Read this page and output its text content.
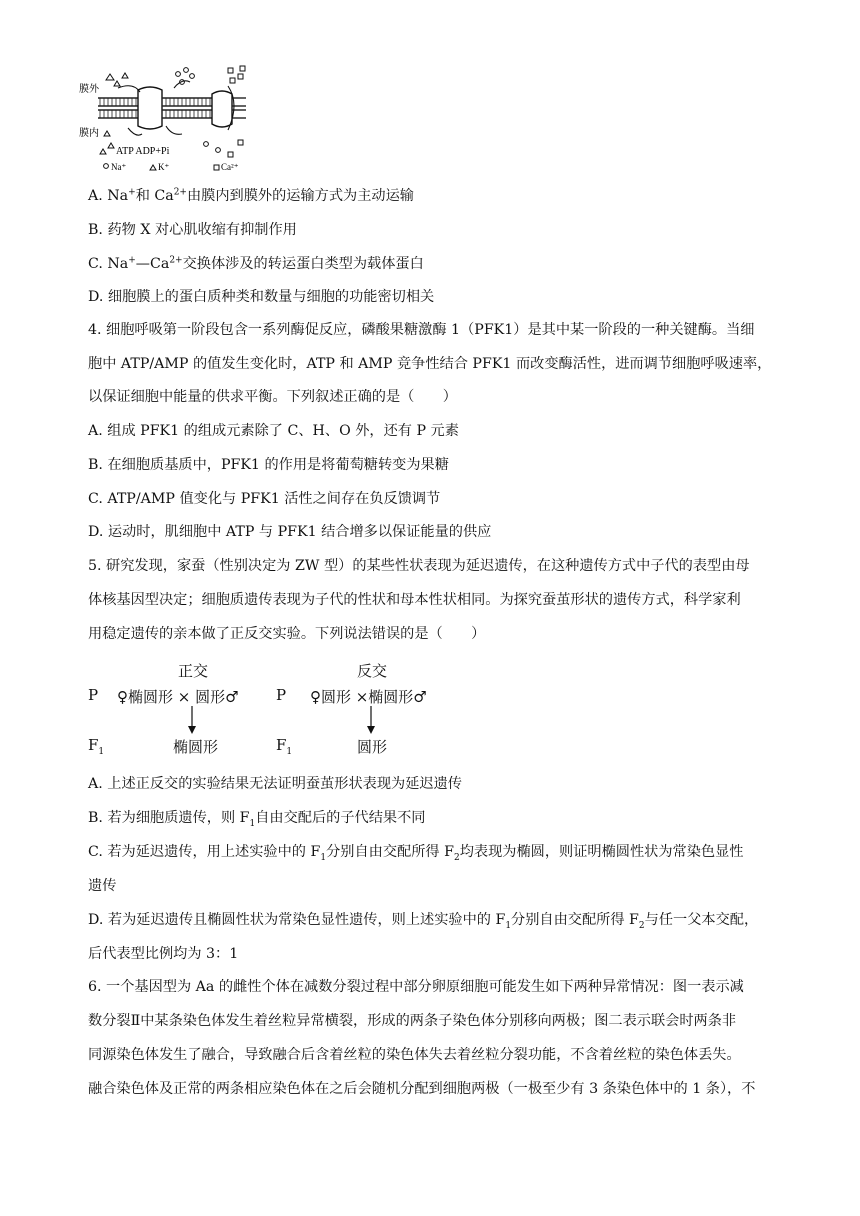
膜外
膜内
ATP ADP+Pi
Na⁺	K⁺	Ca²⁺
A. Na+和 $Ca^{2+}$由膜内到膜外的运输方式为主动运输
B. 药物 X 对心肌收缩有抑制作用
C. $Na^+—Ca^{2+}$交换体涉及的转运蛋白类型为载体蛋白
D. 细胞膜上的蛋白质种类和数量与细胞的功能密切相关
4. 细胞呼吸第一阶段包含一系列酶促反应，磷酸果糖激酶 1（PFK1）是其中某一阶段的一种关键酶。当细
胞中 ATP/AMP 的值发生变化时，ATP 和 AMP 竞争性结合 PFK1 而改变酶活性，进而调节细胞呼吸速率，
以保证细胞中能量的供求平衡。下列叙述正确的是（　　）
A. 组成 PFK1 的组成元素除了 C、H、O 外，还有 P 元素
B. 在细胞质基质中，PFK1 的作用是将葡萄糖转变为果糖
C. ATP/AMP 值变化与 PFK1 活性之间存在负反馈调节
D. 运动时，肌细胞中 ATP 与 PFK1 结合增多以保证能量的供应
5. 研究发现，家蚕（性别决定为 ZW 型）的某些性状表现为延迟遗传，在这种遗传方式中子代的表型由母
体核基因型决定；细胞质遗传表现为子代的性状和母本性状相同。为探究蚕茧形状的遗传方式，科学家利
用稳定遗传的亲本做了正反交实验。下列说法错误的是（　　）
正交	反交
P ♀椭圆形 × 圆形♂ P ♀圆形 ×椭圆形♂
$F_1$	椭圆形	$F_1$	圆形
A. 上述正反交的实验结果无法证明蚕茧形状表现为延迟遗传
B. 若为细胞质遗传，则 $F_1$自由交配后的子代结果不同
C. 若为延迟遗传，用上述实验中的 $F_1$分别自由交配所得 $F_2$均表现为椭圆，则证明椭圆性状为常染色显性
遗传
D. 若为延迟遗传且椭圆性状为常染色显性遗传，则上述实验中的 $F_1$分别自由交配所得 $F_2$与任一父本交配，
后代表型比例均为 3：1
6. 一个基因型为 Aa 的雌性个体在减数分裂过程中部分卵原细胞可能发生如下两种异常情况：图一表示减
数分裂Ⅱ中某条染色体发生着丝粒异常横裂，形成的两条子染色体分别移向两极；图二表示联会时两条非
同源染色体发生了融合，导致融合后含着丝粒的染色体失去着丝粒分裂功能，不含着丝粒的染色体丢失。
融合染色体及正常的两条相应染色体在之后会随机分配到细胞两极（一极至少有 3 条染色体中的 1 条），不
